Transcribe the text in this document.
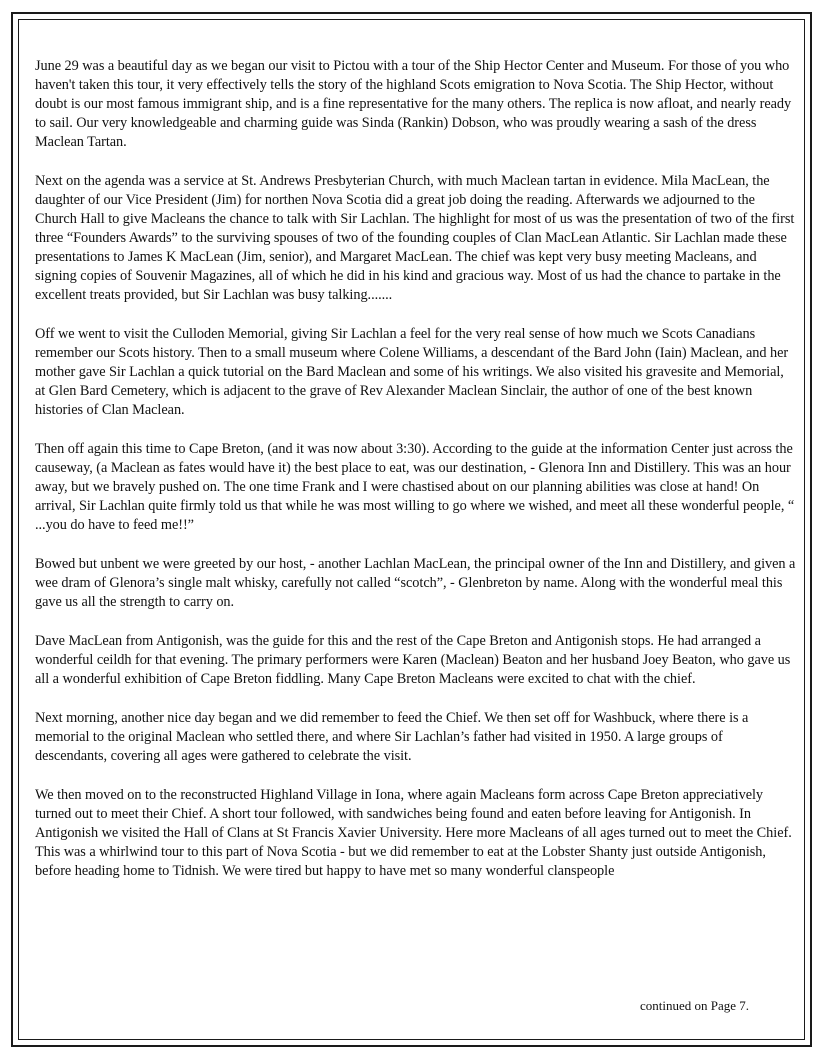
June 29 was a beautiful day as we began our visit to Pictou with a tour of the Ship Hector Center and Museum. For those of you who haven't taken this tour, it very effectively tells the story of the highland Scots emigration to Nova Scotia. The Ship Hector, without doubt is our most famous immigrant ship, and is a fine representative for the many others. The replica is now afloat, and nearly ready to sail. Our very knowledgeable and charming guide was Sinda (Rankin) Dobson, who was proudly wearing a sash of the dress Maclean Tartan.

Next on the agenda was a service at St. Andrews Presbyterian Church, with much Maclean tartan in evidence. Mila MacLean, the daughter of our Vice President (Jim) for northen Nova Scotia did a great job doing the reading. Afterwards we adjourned to the Church Hall to give Macleans the chance to talk with Sir Lachlan. The highlight for most of us was the presentation of two of the first three “Founders Awards” to the surviving spouses of two of the founding couples of Clan MacLean Atlantic. Sir Lachlan made these presentations to James K MacLean (Jim, senior), and Margaret MacLean. The chief was kept very busy meeting Macleans, and signing copies of Souvenir Magazines, all of which he did in his kind and gracious way. Most of us had the chance to partake in the excellent treats provided, but Sir Lachlan was busy talking.......

Off we went to visit the Culloden Memorial, giving Sir Lachlan a feel for the very real sense of how much we Scots Canadians remember our Scots history. Then to a small museum where Colene Williams, a descendant of the Bard John (Iain) Maclean, and her mother gave Sir Lachlan a quick tutorial on the Bard Maclean and some of his writings. We also visited his gravesite and Memorial, at Glen Bard Cemetery, which is adjacent to the grave of Rev Alexander Maclean Sinclair, the author of one of the best known histories of Clan Maclean.

Then off again this time to Cape Breton, (and it was now about 3:30). According to the guide at the information Center just across the causeway, (a Maclean as fates would have it) the best place to eat, was our destination, - Glenora Inn and Distillery. This was an hour away, but we bravely pushed on. The one time Frank and I were chastised about on our planning abilities was close at hand! On arrival, Sir Lachlan quite firmly told us that while he was most willing to go where we wished, and meet all these wonderful people, “ ...you do have to feed me!!”

Bowed but unbent we were greeted by our host, - another Lachlan MacLean, the principal owner of the Inn and Distillery, and given a wee dram of Glenora’s single malt whisky, carefully not called “scotch”, - Glenbreton by name. Along with the wonderful meal this gave us all the strength to carry on.

Dave MacLean from Antigonish, was the guide for this and the rest of the Cape Breton and Antigonish stops. He had arranged a wonderful ceildh for that evening. The primary performers were Karen (Maclean) Beaton and her husband Joey Beaton, who gave us all a wonderful exhibition of Cape Breton fiddling. Many Cape Breton Macleans were excited to chat with the chief.

Next morning, another nice day began and we did remember to feed the Chief. We then set off for Washbuck, where there is a memorial to the original Maclean who settled there, and where Sir Lachlan’s father had visited in 1950. A large groups of descendants, covering all ages were gathered to celebrate the visit.

We then moved on to the reconstructed Highland Village in Iona, where again Macleans form across Cape Breton appreciatively turned out to meet their Chief. A short tour followed, with sandwiches being found and eaten before leaving for Antigonish. In Antigonish we visited the Hall of Clans at St Francis Xavier University. Here more Macleans of all ages turned out to meet the Chief. This was a whirlwind tour to this part of Nova Scotia - but we did remember to eat at the Lobster Shanty just outside Antigonish, before heading home to Tidnish. We were tired but happy to have met so many wonderful clanspeople

continued on Page 7.
